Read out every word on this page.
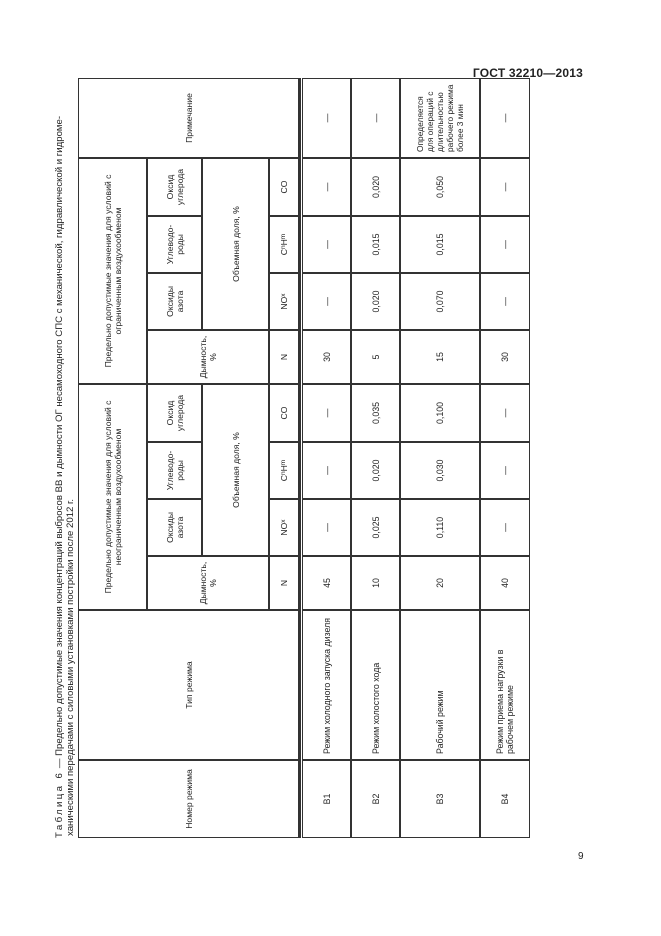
ГОСТ 32210—2013
9
Таблица 6 — Предельно допустимые значения концентраций выбросов ВВ и дымности ОГ несамоходного СПС с механической, гидравлической и гидроме- ханическими передачами с силовыми установками постройки после 2012 г.	Номер режима
Тип режима
Предельно допустимые значения для условий с неограниченным воздухообменом
Дымность, %
Оксиды азота
Углеводо-роды
Оксид углерода
Объемная доля, %
Предельно допустимые значения для условий с ограниченным воздухообменом
Дымность, %
Оксиды азота
Углеводо-роды
Оксид углерода
Объемная доля, %
Примечание
N
NO
x
C
n
H
m
CO
N
NO
x
C
n
H
m
CO
В1
Режим холодного запуска дизеля
45
—
—
—
30
—
—
—
—
В2
Режим холостого хода
10
0,025
0,020
0,035
5
0,020
0,015
0,020
—
В3
Рабочий режим
20
0,110
0,030
0,100
15
0,070
0,015
0,050
Определяется для операций с длительностью рабочего режима более 3 мин
В4
Режим приема нагрузки в рабочем режиме
40
—
—
—
30
—
—
—
—
